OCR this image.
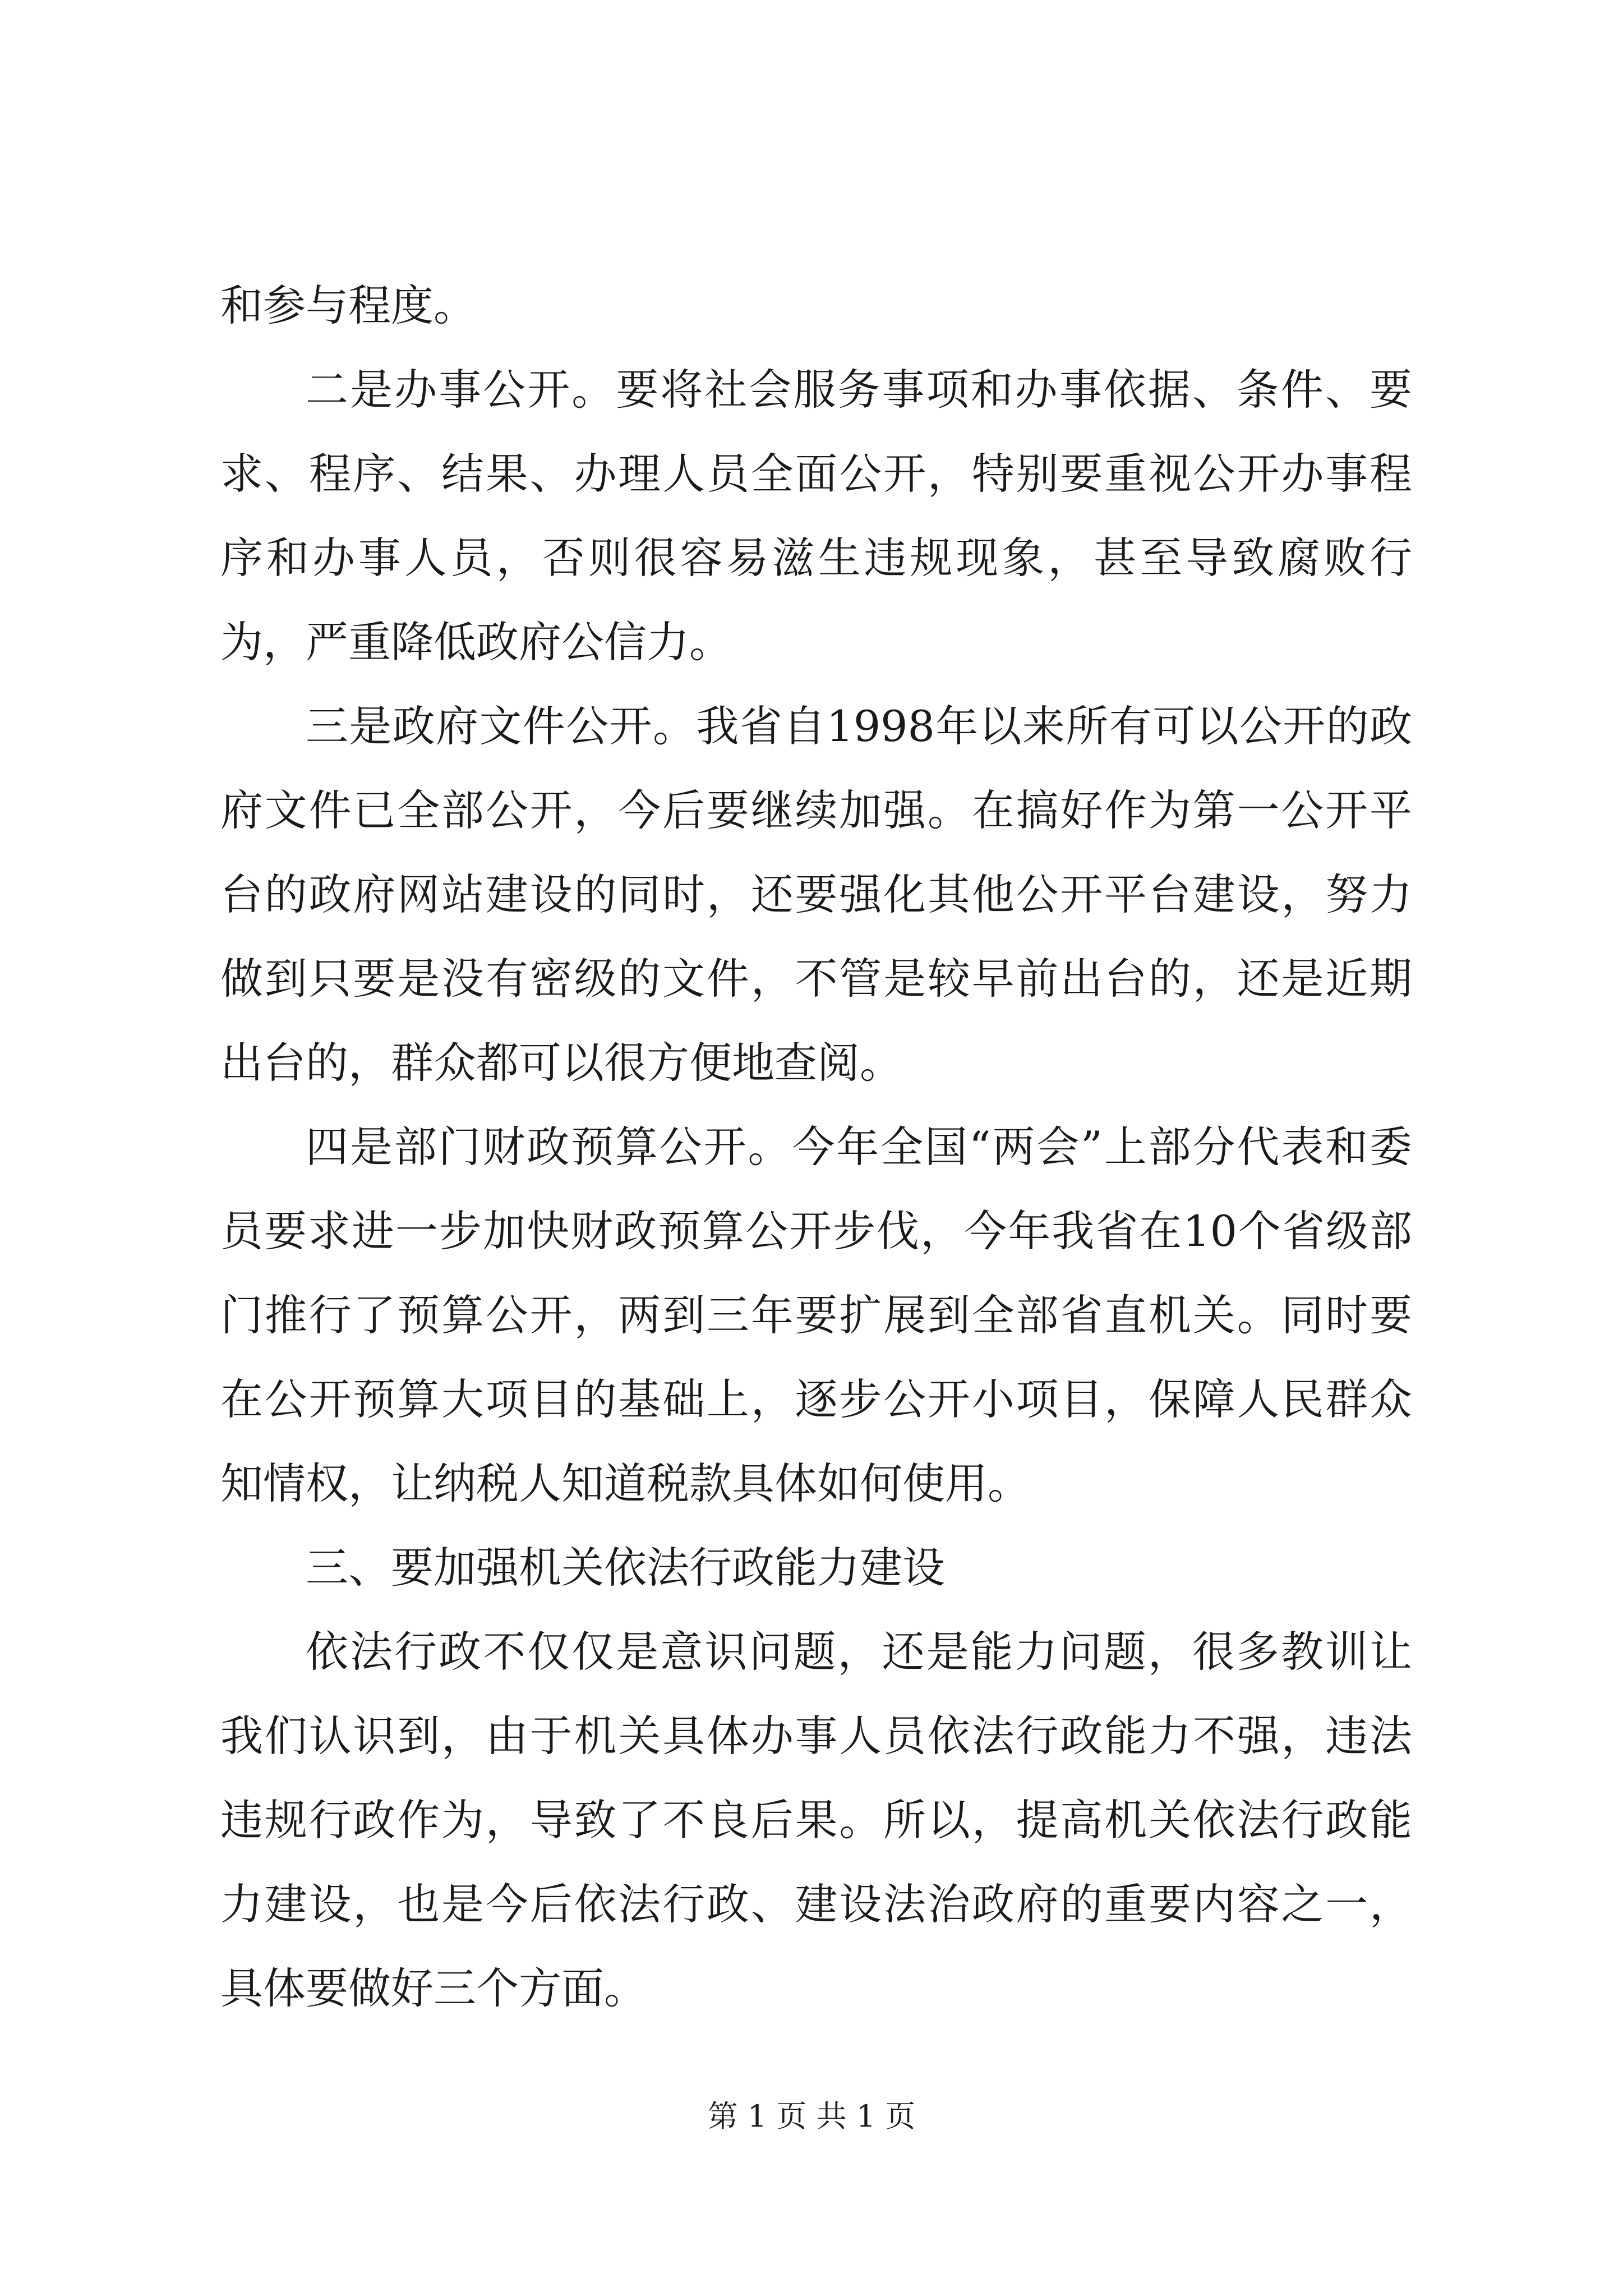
和参与程度。

二是办事公开。要将社会服务事项和办事依据、条件、要求、程序、结果、办理人员全面公开，特别要重视公开办事程序和办事人员，否则很容易滋生违规现象，甚至导致腐败行为，严重降低政府公信力。

三是政府文件公开。我省自1998年以来所有可以公开的政府文件已全部公开，今后要继续加强。在搞好作为第一公开平台的政府网站建设的同时，还要强化其他公开平台建设，努力做到只要是没有密级的文件，不管是较早前出台的，还是近期出台的，群众都可以很方便地查阅。

四是部门财政预算公开。今年全国“两会”上部分代表和委员要求进一步加快财政预算公开步伐，今年我省在10个省级部门推行了预算公开，两到三年要扩展到全部省直机关。同时要在公开预算大项目的基础上，逐步公开小项目，保障人民群众知情权，让纳税人知道税款具体如何使用。

三、要加强机关依法行政能力建设

依法行政不仅仅是意识问题，还是能力问题，很多教训让我们认识到，由于机关具体办事人员依法行政能力不强，违法违规行政作为，导致了不良后果。所以，提高机关依法行政能力建设，也是今后依法行政、建设法治政府的重要内容之一，具体要做好三个方面。

第 1 页 共 1 页
